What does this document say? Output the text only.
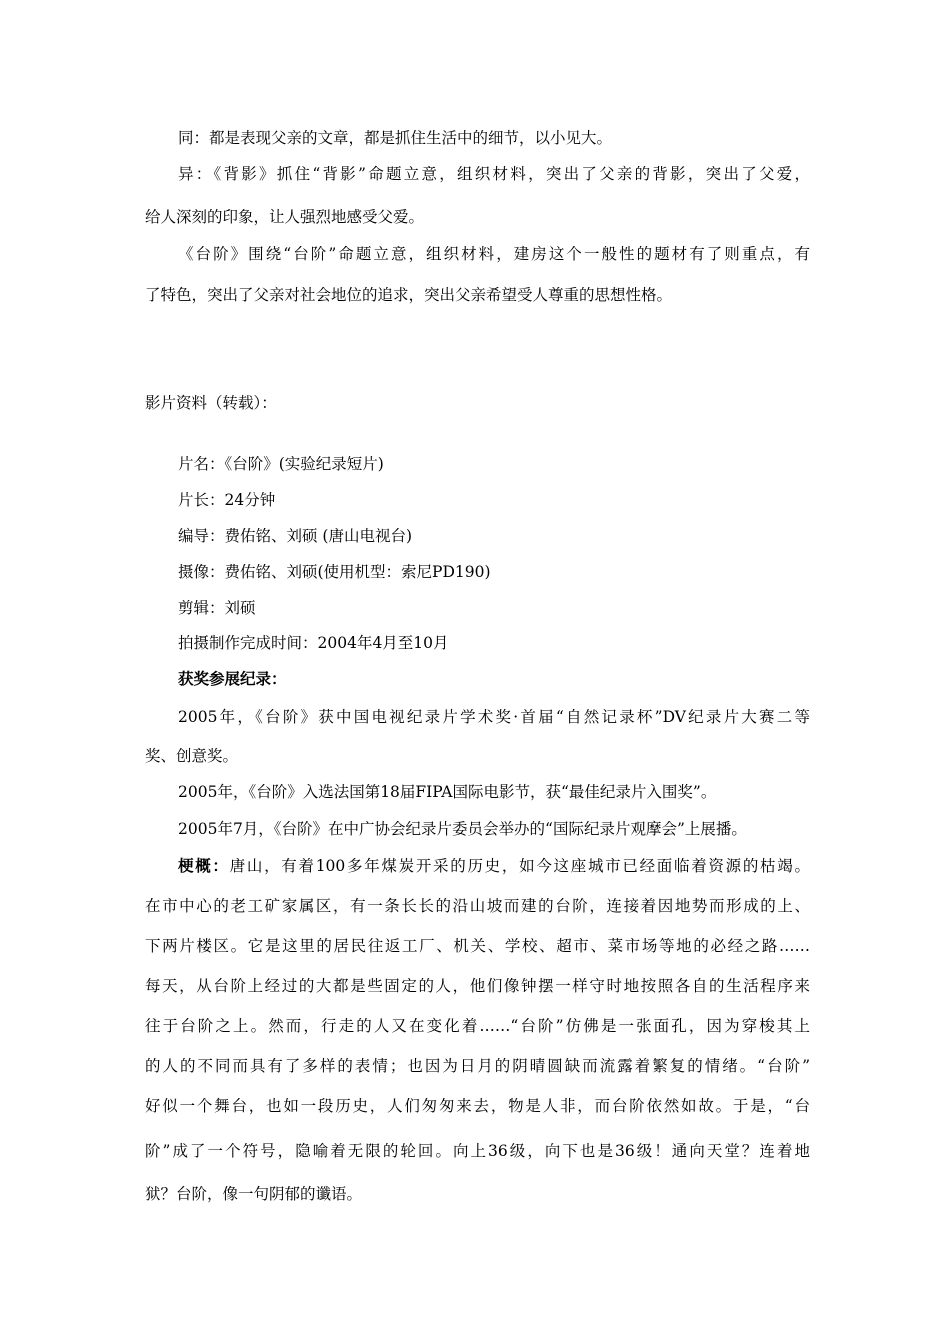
同：都是表现父亲的文章，都是抓住生活中的细节，以小见大。
异：《背影》抓住“背影”命题立意，组织材料，突出了父亲的背影，突出了父爱，
给人深刻的印象，让人强烈地感受父爱。
《台阶》围绕“台阶”命题立意，组织材料，建房这个一般性的题材有了则重点，有
了特色，突出了父亲对社会地位的追求，突出父亲希望受人尊重的思想性格。
影片资料（转载）：
片名：《台阶》(实验纪录短片)
片长：24分钟
编导：费佑铭、刘硕 (唐山电视台)
摄像：费佑铭、刘硕(使用机型：索尼PD190)
剪辑：刘硕
拍摄制作完成时间：2004年4月至10月
获奖参展纪录：
2005年，《台阶》获中国电视纪录片学术奖·首届“自然记录杯”DV纪录片大赛二等
奖、创意奖。
2005年，《台阶》入选法国第18届FIPA国际电影节，获“最佳纪录片入围奖”。
2005年7月，《台阶》在中广协会纪录片委员会举办的“国际纪录片观摩会”上展播。
梗概：唐山，有着100多年煤炭开采的历史，如今这座城市已经面临着资源的枯竭。
在市中心的老工矿家属区，有一条长长的沿山坡而建的台阶，连接着因地势而形成的上、
下两片楼区。它是这里的居民往返工厂、机关、学校、超市、菜市场等地的必经之路……
每天，从台阶上经过的大都是些固定的人，他们像钟摆一样守时地按照各自的生活程序来
往于台阶之上。然而，行走的人又在变化着……“台阶”仿佛是一张面孔，因为穿梭其上
的人的不同而具有了多样的表情；也因为日月的阴晴圆缺而流露着繁复的情绪。“台阶”
好似一个舞台，也如一段历史，人们匆匆来去，物是人非，而台阶依然如故。于是，“台
阶”成了一个符号，隐喻着无限的轮回。向上36级，向下也是36级！通向天堂？连着地
狱？台阶，像一句阴郁的谶语。
